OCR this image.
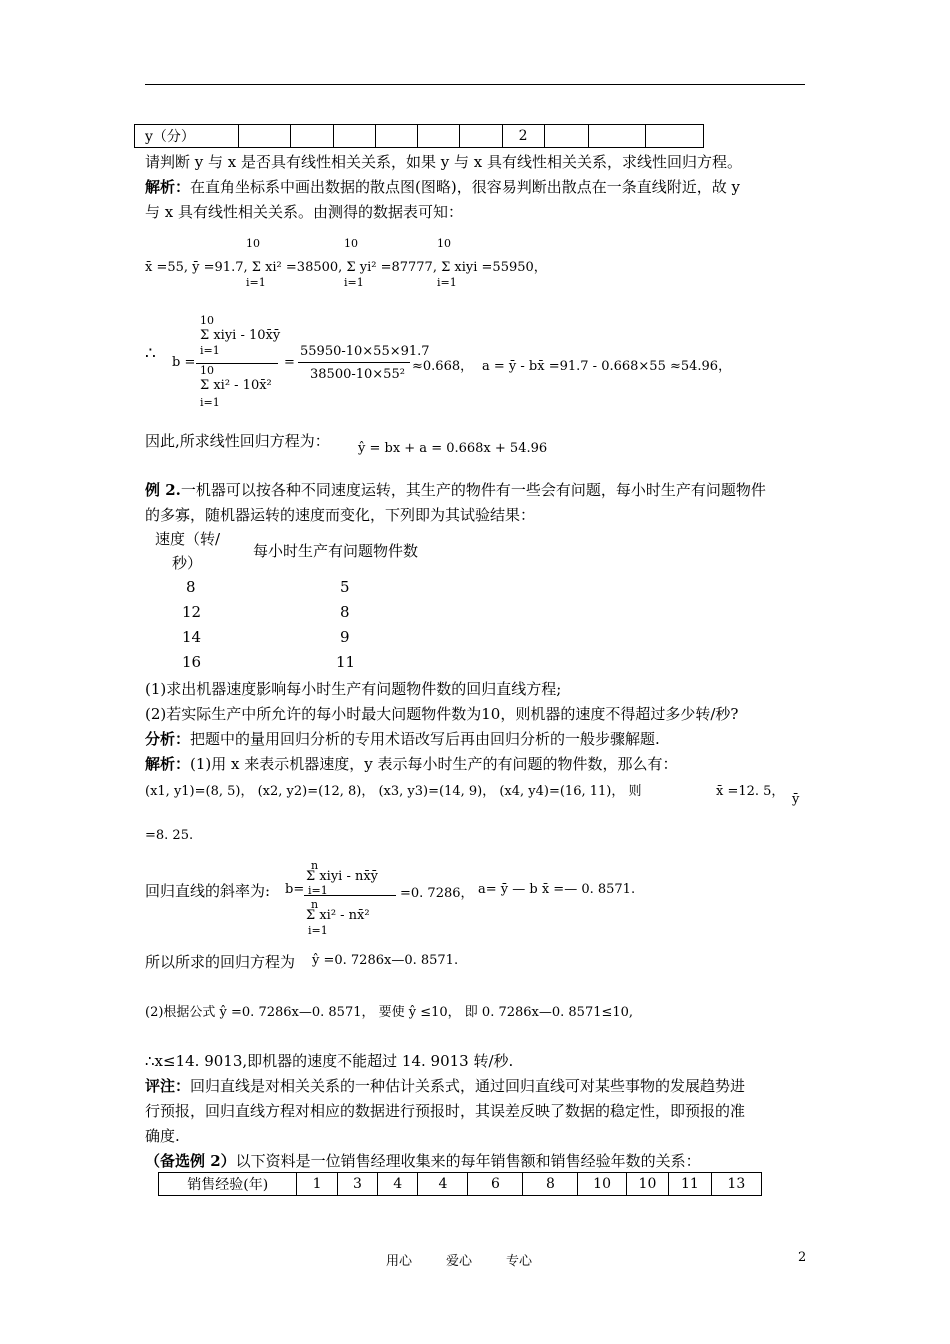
y（分）							2			
请判断 y 与 x 是否具有线性相关关系，如果 y 与 x 具有线性相关关系，求线性回归方程。
解析：在直角坐标系中画出数据的散点图(图略)，很容易判断出散点在一条直线附近，故 y
与 x 具有线性相关关系。由测得的数据表可知：
10	10	10
x̄ =55, ȳ =91.7, Σ xi² =38500, Σ yi² =87777, Σ xiyi =55950，
i=1	i=1	i=1
∴
10
Σ xiyi - 10x̄ȳ
i=1
b =
10
Σ xi² - 10x̄²
i=1
=
55950-10×55×91.7
38500-10×55²
≈0.668， a = ȳ - bx̄ =91.7 - 0.668×55 ≈54.96，
因此,所求线性回归方程为： ŷ = bx + a = 0.668x + 54.96
例 2.一机器可以按各种不同速度运转，其生产的物件有一些会有问题，每小时生产有问题物件
的多寡，随机器运转的速度而变化，下列即为其试验结果：
速度（转/
秒）
每小时生产有问题物件数
8	5
12	8
14	9
16	11
(1)求出机器速度影响每小时生产有问题物件数的回归直线方程;
(2)若实际生产中所允许的每小时最大问题物件数为10，则机器的速度不得超过多少转/秒?
分析：把题中的量用回归分析的专用术语改写后再由回归分析的一般步骤解题.
解析：(1)用 x 来表示机器速度，y 表示每小时生产的有问题的物件数，那么有：
(x1, y1)=(8, 5)， (x2, y2)=(12, 8)， (x3, y3)=(14, 9)， (x4, y4)=(16, 11)， 则	x̄ =12. 5，
ȳ
=8. 25.
n
Σ xiyi - nx̄ȳ
i=1
回归直线的斜率为: b=
n
Σ xi² - nx̄²
i=1
=0. 7286， a= ȳ — b x̄ =— 0. 8571.
所以所求的回归方程为 ŷ =0. 7286x—0. 8571.
(2)根据公式 ŷ =0. 7286x—0. 8571， 要使 ŷ ≤10， 即 0. 7286x—0. 8571≤10,
∴x≤14. 9013,即机器的速度不能超过 14. 9013 转/秒.
评注：回归直线是对相关关系的一种估计关系式，通过回归直线可对某些事物的发展趋势进
行预报，回归直线方程对相应的数据进行预报时，其误差反映了数据的稳定性，即预报的准
确度.
（备选例 2）以下资料是一位销售经理收集来的每年销售额和销售经验年数的关系：
销售经验(年)	1	3	4	4	6	8	10	10	11	13
用心	爱心	专心	2
